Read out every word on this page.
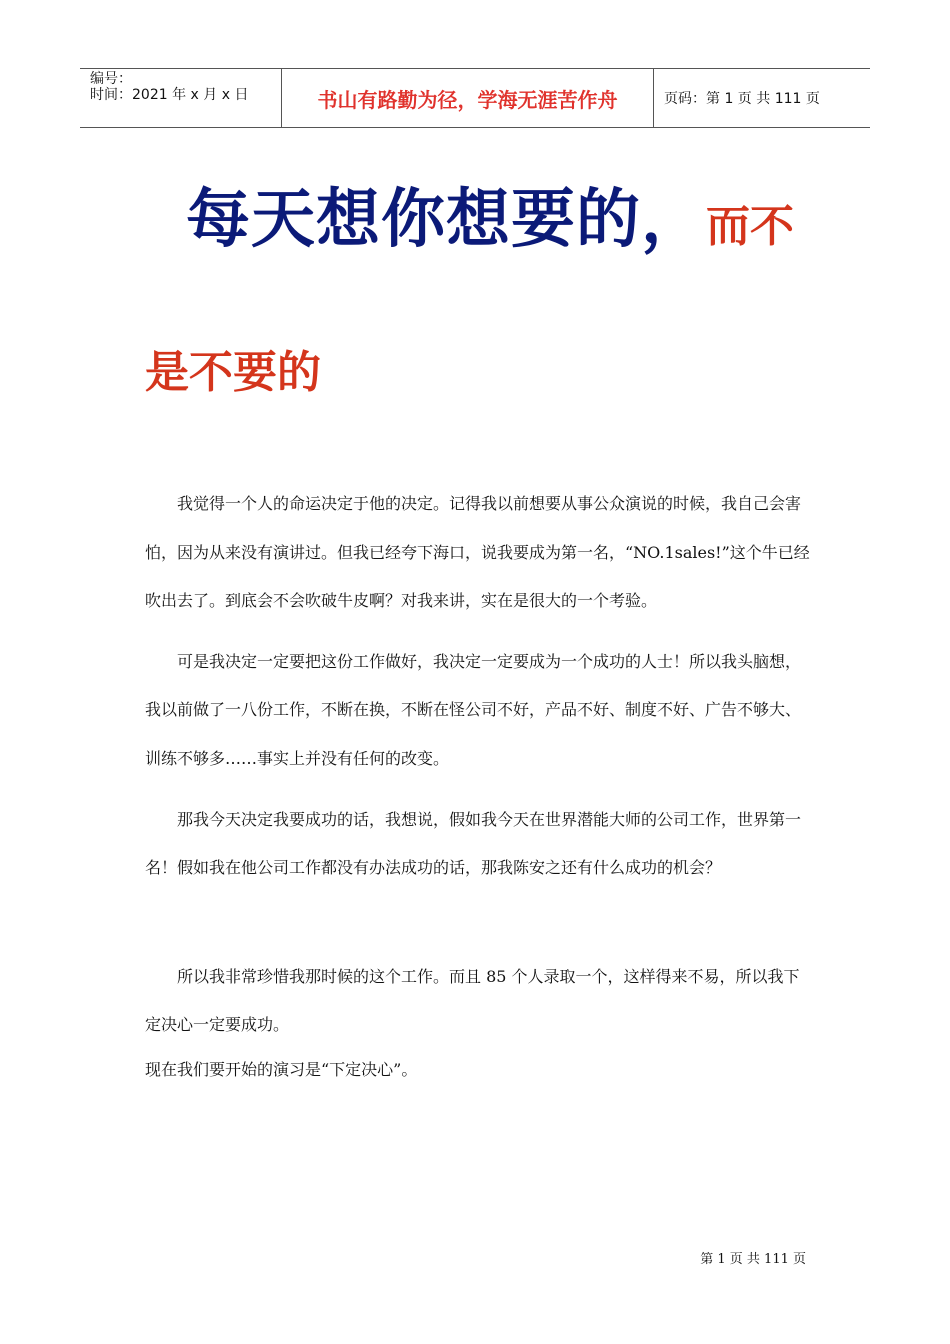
编号：
时间：2021 年 x 月 x 日	书山有路勤为径，学海无涯苦作舟	页码：第 1 页 共 111 页
每天想你想要的，而不
是不要的

我觉得一个人的命运决定于他的决定。记得我以前想要从事公众演说的时候，我自己会害怕，因为从来没有演讲过。但我已经夸下海口，说我要成为第一名，“NO.1sales!”这个牛已经吹出去了。到底会不会吹破牛皮啊？对我来讲，实在是很大的一个考验。

可是我决定一定要把这份工作做好，我决定一定要成为一个成功的人士！所以我头脑想，我以前做了一八份工作，不断在换，不断在怪公司不好，产品不好、制度不好、广告不够大、训练不够多……事实上并没有任何的改变。

那我今天决定我要成功的话，我想说，假如我今天在世界潜能大师的公司工作，世界第一名！假如我在他公司工作都没有办法成功的话，那我陈安之还有什么成功的机会？

所以我非常珍惜我那时候的这个工作。而且 85 个人录取一个，这样得来不易，所以我下定决心一定要成功。

现在我们要开始的演习是“下定决心”。

第 1 页 共 111 页
